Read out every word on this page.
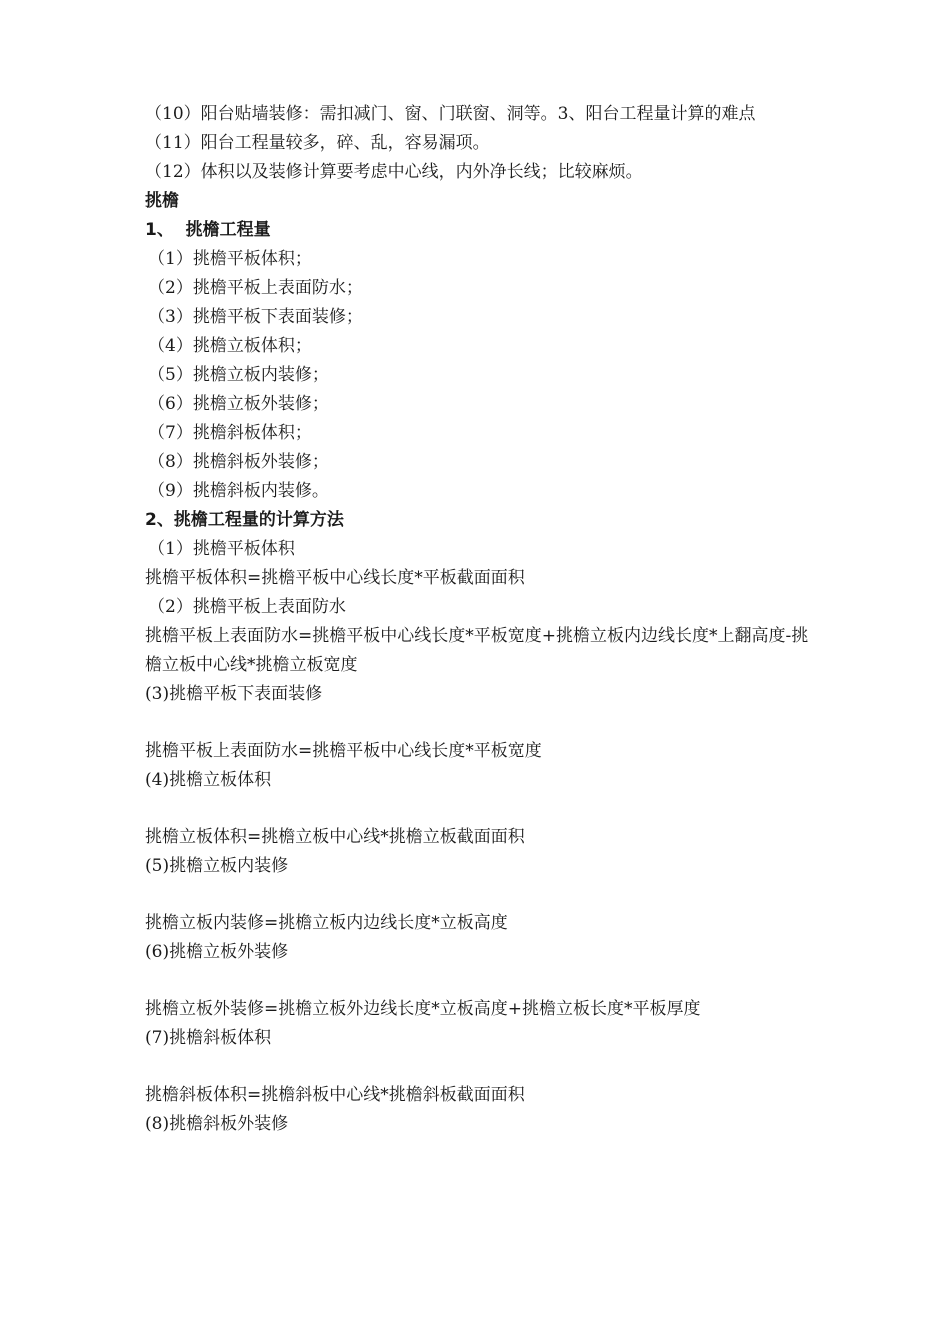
（10）阳台贴墙装修：需扣减门、窗、门联窗、洞等。3、阳台工程量计算的难点
（11）阳台工程量较多，碎、乱，容易漏项。
（12）体积以及装修计算要考虑中心线，内外净长线；比较麻烦。
挑檐
1、  挑檐工程量
（1）挑檐平板体积；
（2）挑檐平板上表面防水；
（3）挑檐平板下表面装修；
（4）挑檐立板体积；
（5）挑檐立板内装修；
（6）挑檐立板外装修；
（7）挑檐斜板体积；
（8）挑檐斜板外装修；
（9）挑檐斜板内装修。
2、挑檐工程量的计算方法
（1）挑檐平板体积
挑檐平板体积=挑檐平板中心线长度*平板截面面积
（2）挑檐平板上表面防水
挑檐平板上表面防水=挑檐平板中心线长度*平板宽度+挑檐立板内边线长度*上翻高度-挑檐立板中心线*挑檐立板宽度
(3)挑檐平板下表面装修
挑檐平板上表面防水=挑檐平板中心线长度*平板宽度
(4)挑檐立板体积
挑檐立板体积=挑檐立板中心线*挑檐立板截面面积
(5)挑檐立板内装修
挑檐立板内装修=挑檐立板内边线长度*立板高度
(6)挑檐立板外装修
挑檐立板外装修=挑檐立板外边线长度*立板高度+挑檐立板长度*平板厚度
(7)挑檐斜板体积
挑檐斜板体积=挑檐斜板中心线*挑檐斜板截面面积
(8)挑檐斜板外装修
